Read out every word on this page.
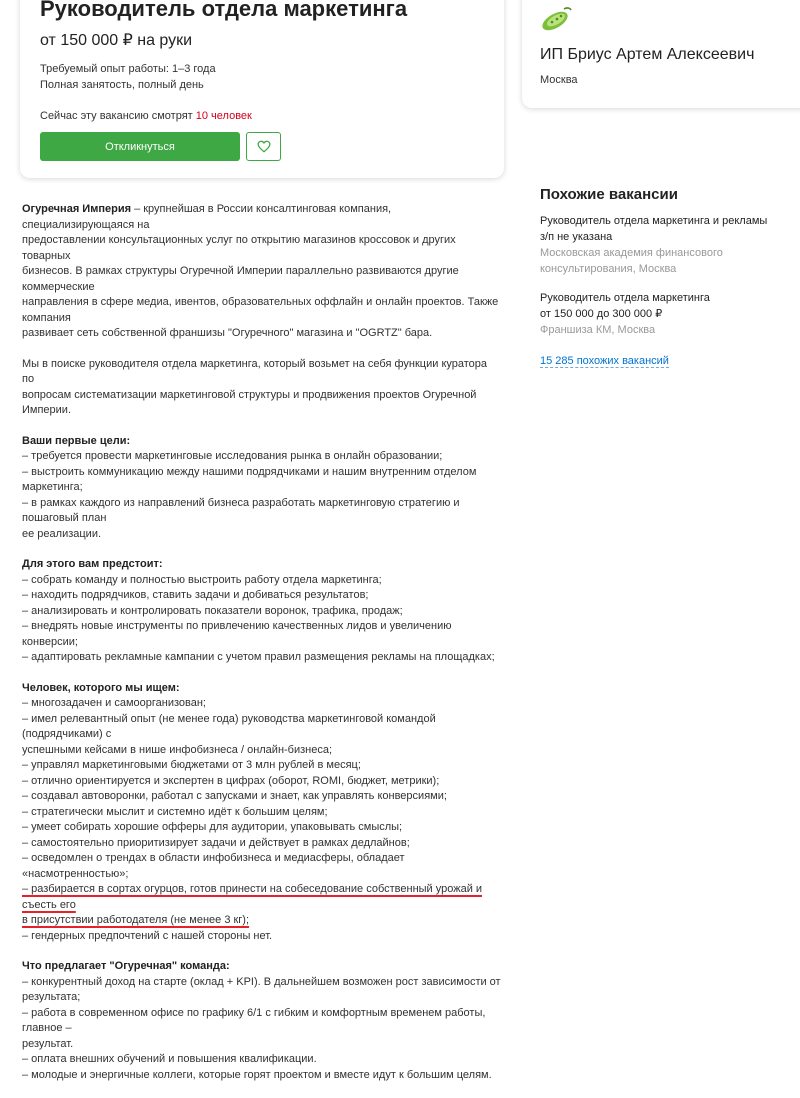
Руководитель отдела маркетинга
от 150 000 ₽ на руки
Требуемый опыт работы: 1–3 года
Полная занятость, полный день
Сейчас эту вакансию смотрят 10 человек
Откликнуться
ИП Бриус Артем Алексеевич
Москва
Похожие вакансии
Руководитель отдела маркетинга и рекламы
з/п не указана
Московская академия финансового
консультирования, Москва
Руководитель отдела маркетинга
от 150 000 до 300 000 ₽
Франшиза КМ, Москва
15 285 похожих вакансий

Огуречная Империя – крупнейшая в России консалтинговая компания, специализирующаяся на
предоставлении консультационных услуг по открытию магазинов кроссовок и других товарных
бизнесов. В рамках структуры Огуречной Империи параллельно развиваются другие коммерческие
направления в сфере медиа, ивентов, образовательных оффлайн и онлайн проектов. Также компания
развивает сеть собственной франшизы "Огуречного" магазина и "OGRTZ" бара.

Мы в поиске руководителя отдела маркетинга, который возьмет на себя функции куратора по
вопросам систематизации маркетинговой структуры и продвижения проектов Огуречной Империи.

Ваши первые цели:
– требуется провести маркетинговые исследования рынка в онлайн образовании;
– выстроить коммуникацию между нашими подрядчиками и нашим внутренним отделом маркетинга;
– в рамках каждого из направлений бизнеса разработать маркетинговую стратегию и пошаговый план
ее реализации.

Для этого вам предстоит:
– собрать команду и полностью выстроить работу отдела маркетинга;
– находить подрядчиков, ставить задачи и добиваться результатов;
– анализировать и контролировать показатели воронок, трафика, продаж;
– внедрять новые инструменты по привлечению качественных лидов и увеличению конверсии;
– адаптировать рекламные кампании с учетом правил размещения рекламы на площадках;

Человек, которого мы ищем:
– многозадачен и самоорганизован;
– имел релевантный опыт (не менее года) руководства маркетинговой командой (подрядчиками) с
успешными кейсами в нише инфобизнеса / онлайн-бизнеса;
– управлял маркетинговыми бюджетами от 3 млн рублей в месяц;
– отлично ориентируется и экспертен в цифрах (оборот, ROMI, бюджет, метрики);
– создавал автоворонки, работал с запусками и знает, как управлять конверсиями;
– стратегически мыслит и системно идёт к большим целям;
– умеет собирать хорошие офферы для аудитории, упаковывать смыслы;
– самостоятельно приоритизирует задачи и действует в рамках дедлайнов;
– осведомлен о трендах в области инфобизнеса и медиасферы, обладает «насмотренностью»;
– разбирается в сортах огурцов, готов принести на собеседование собственный урожай и съесть его
в присутствии работодателя (не менее 3 кг);
– гендерных предпочтений с нашей стороны нет.

Что предлагает "Огуречная" команда:
– конкурентный доход на старте (оклад + KPI). В дальнейшем возможен рост зависимости от
результата;
– работа в современном офисе по графику 6/1 с гибким и комфортным временем работы, главное –
результат.
– оплата внешних обучений и повышения квалификации.
– молодые и энергичные коллеги, которые горят проектом и вместе идут к большим целям.
